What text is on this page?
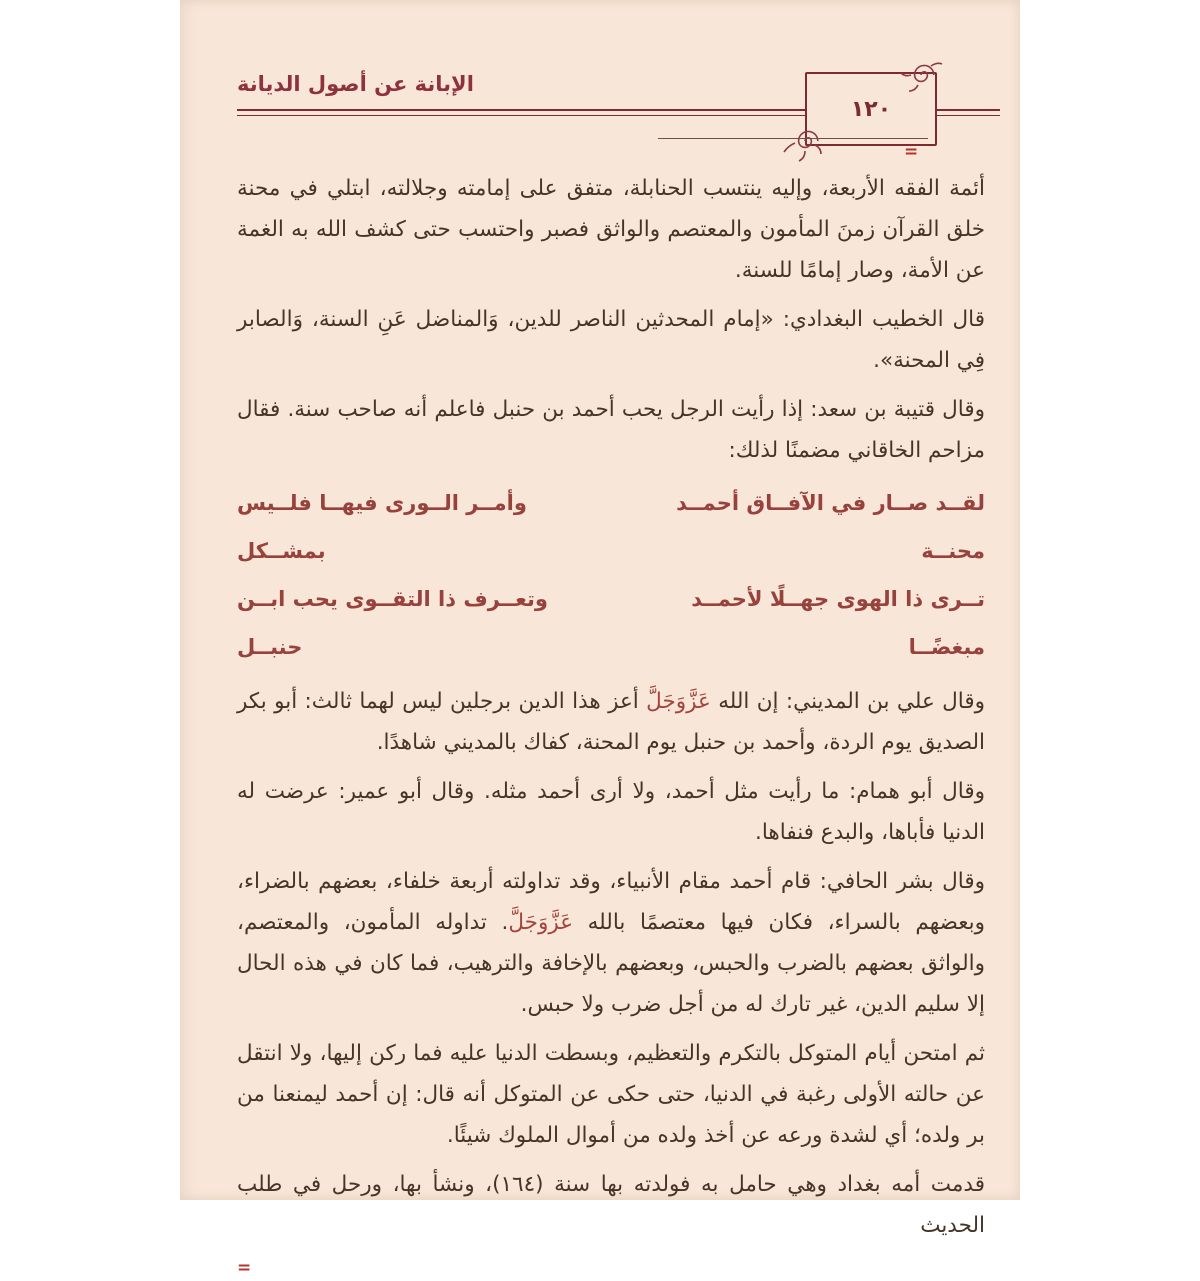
الإبانة عن أصول الديانة
١٢٠
=

أئمة الفقه الأربعة، وإليه ينتسب الحنابلة، متفق على إمامته وجلالته، ابتلي في محنة خلق القرآن زمنَ المأمون والمعتصم والواثق فصبر واحتسب حتى كشف الله به الغمة عن الأمة، وصار إمامًا للسنة.

قال الخطيب البغدادي: «إمام المحدثين الناصر للدين، وَالمناضل عَنِ السنة، وَالصابر فِي المحنة».

وقال قتيبة بن سعد: إذا رأيت الرجل يحب أحمد بن حنبل فاعلم أنه صاحب سنة. فقال مزاحم الخاقاني مضمنًا لذلك:

لقــد صــار في الآفــاق أحمــد محنــة
وأمــر الــورى فيهــا فلــيس بمشــكل
تــرى ذا الهوى جهــلًا لأحمــد مبغضًــا
وتعــرف ذا التقــوى يحب ابــن حنبــل

وقال علي بن المديني: إن الله عَزَّوَجَلَّ أعز هذا الدين برجلين ليس لهما ثالث: أبو بكر الصديق يوم الردة، وأحمد بن حنبل يوم المحنة، كفاك بالمديني شاهدًا.

وقال أبو همام: ما رأيت مثل أحمد، ولا أرى أحمد مثله. وقال أبو عمير: عرضت له الدنيا فأباها، والبدع فنفاها.

وقال بشر الحافي: قام أحمد مقام الأنبياء، وقد تداولته أربعة خلفاء، بعضهم بالضراء، وبعضهم بالسراء، فكان فيها معتصمًا بالله عَزَّوَجَلَّ. تداوله المأمون، والمعتصم، والواثق بعضهم بالضرب والحبس، وبعضهم بالإخافة والترهيب، فما كان في هذه الحال إلا سليم الدين، غير تارك له من أجل ضرب ولا حبس.

ثم امتحن أيام المتوكل بالتكرم والتعظيم، وبسطت الدنيا عليه فما ركن إليها، ولا انتقل عن حالته الأولى رغبة في الدنيا، حتى حكى عن المتوكل أنه قال: إن أحمد ليمنعنا من بر ولده؛ أي لشدة ورعه عن أخذ ولده من أموال الملوك شيئًا.

قدمت أمه بغداد وهي حامل به فولدته بها سنة (١٦٤)، ونشأ بها، ورحل في طلب الحديث

=
